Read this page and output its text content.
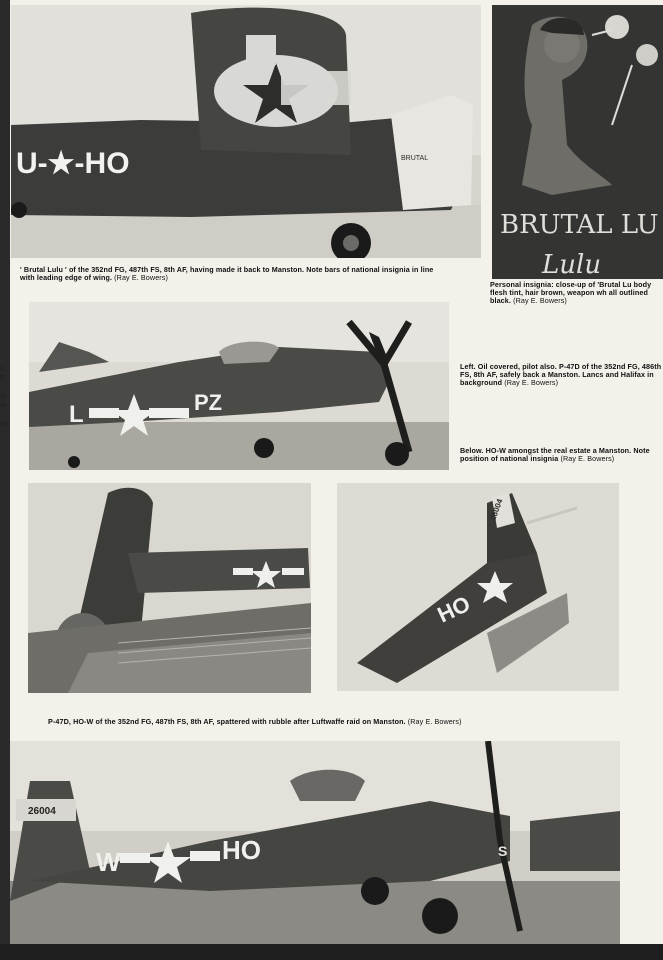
U-★-HO	BRUTAL
BRUTAL LU
Lulu
' Brutal Lulu ' of the 352nd FG, 487th FS, 8th AF, having made it back to Manston. Note bars of national insignia in line with leading edge of wing. (Ray E. Bowers)
Personal insignia: close-up of 'Brutal Lu body flesh tint, hair brown, weapon wh all outlined black. (Ray E. Bowers)
L	PZ
Left. Oil covered, pilot also. P-47D of the 352nd FG, 486th FS, 8th AF, safely back a Manston. Lancs and Halifax in background (Ray E. Bowers)
Below. HO-W amongst the real estate a Manston. Note position of national insignia (Ray E. Bowers)
n
F.
re
ie
rs)
HO
28004
P-47D, HO-W of the 352nd FG, 487th FS, 8th AF, spattered with rubble after Luftwaffe raid on Manston. (Ray E. Bowers)
W	HO
26004
S
